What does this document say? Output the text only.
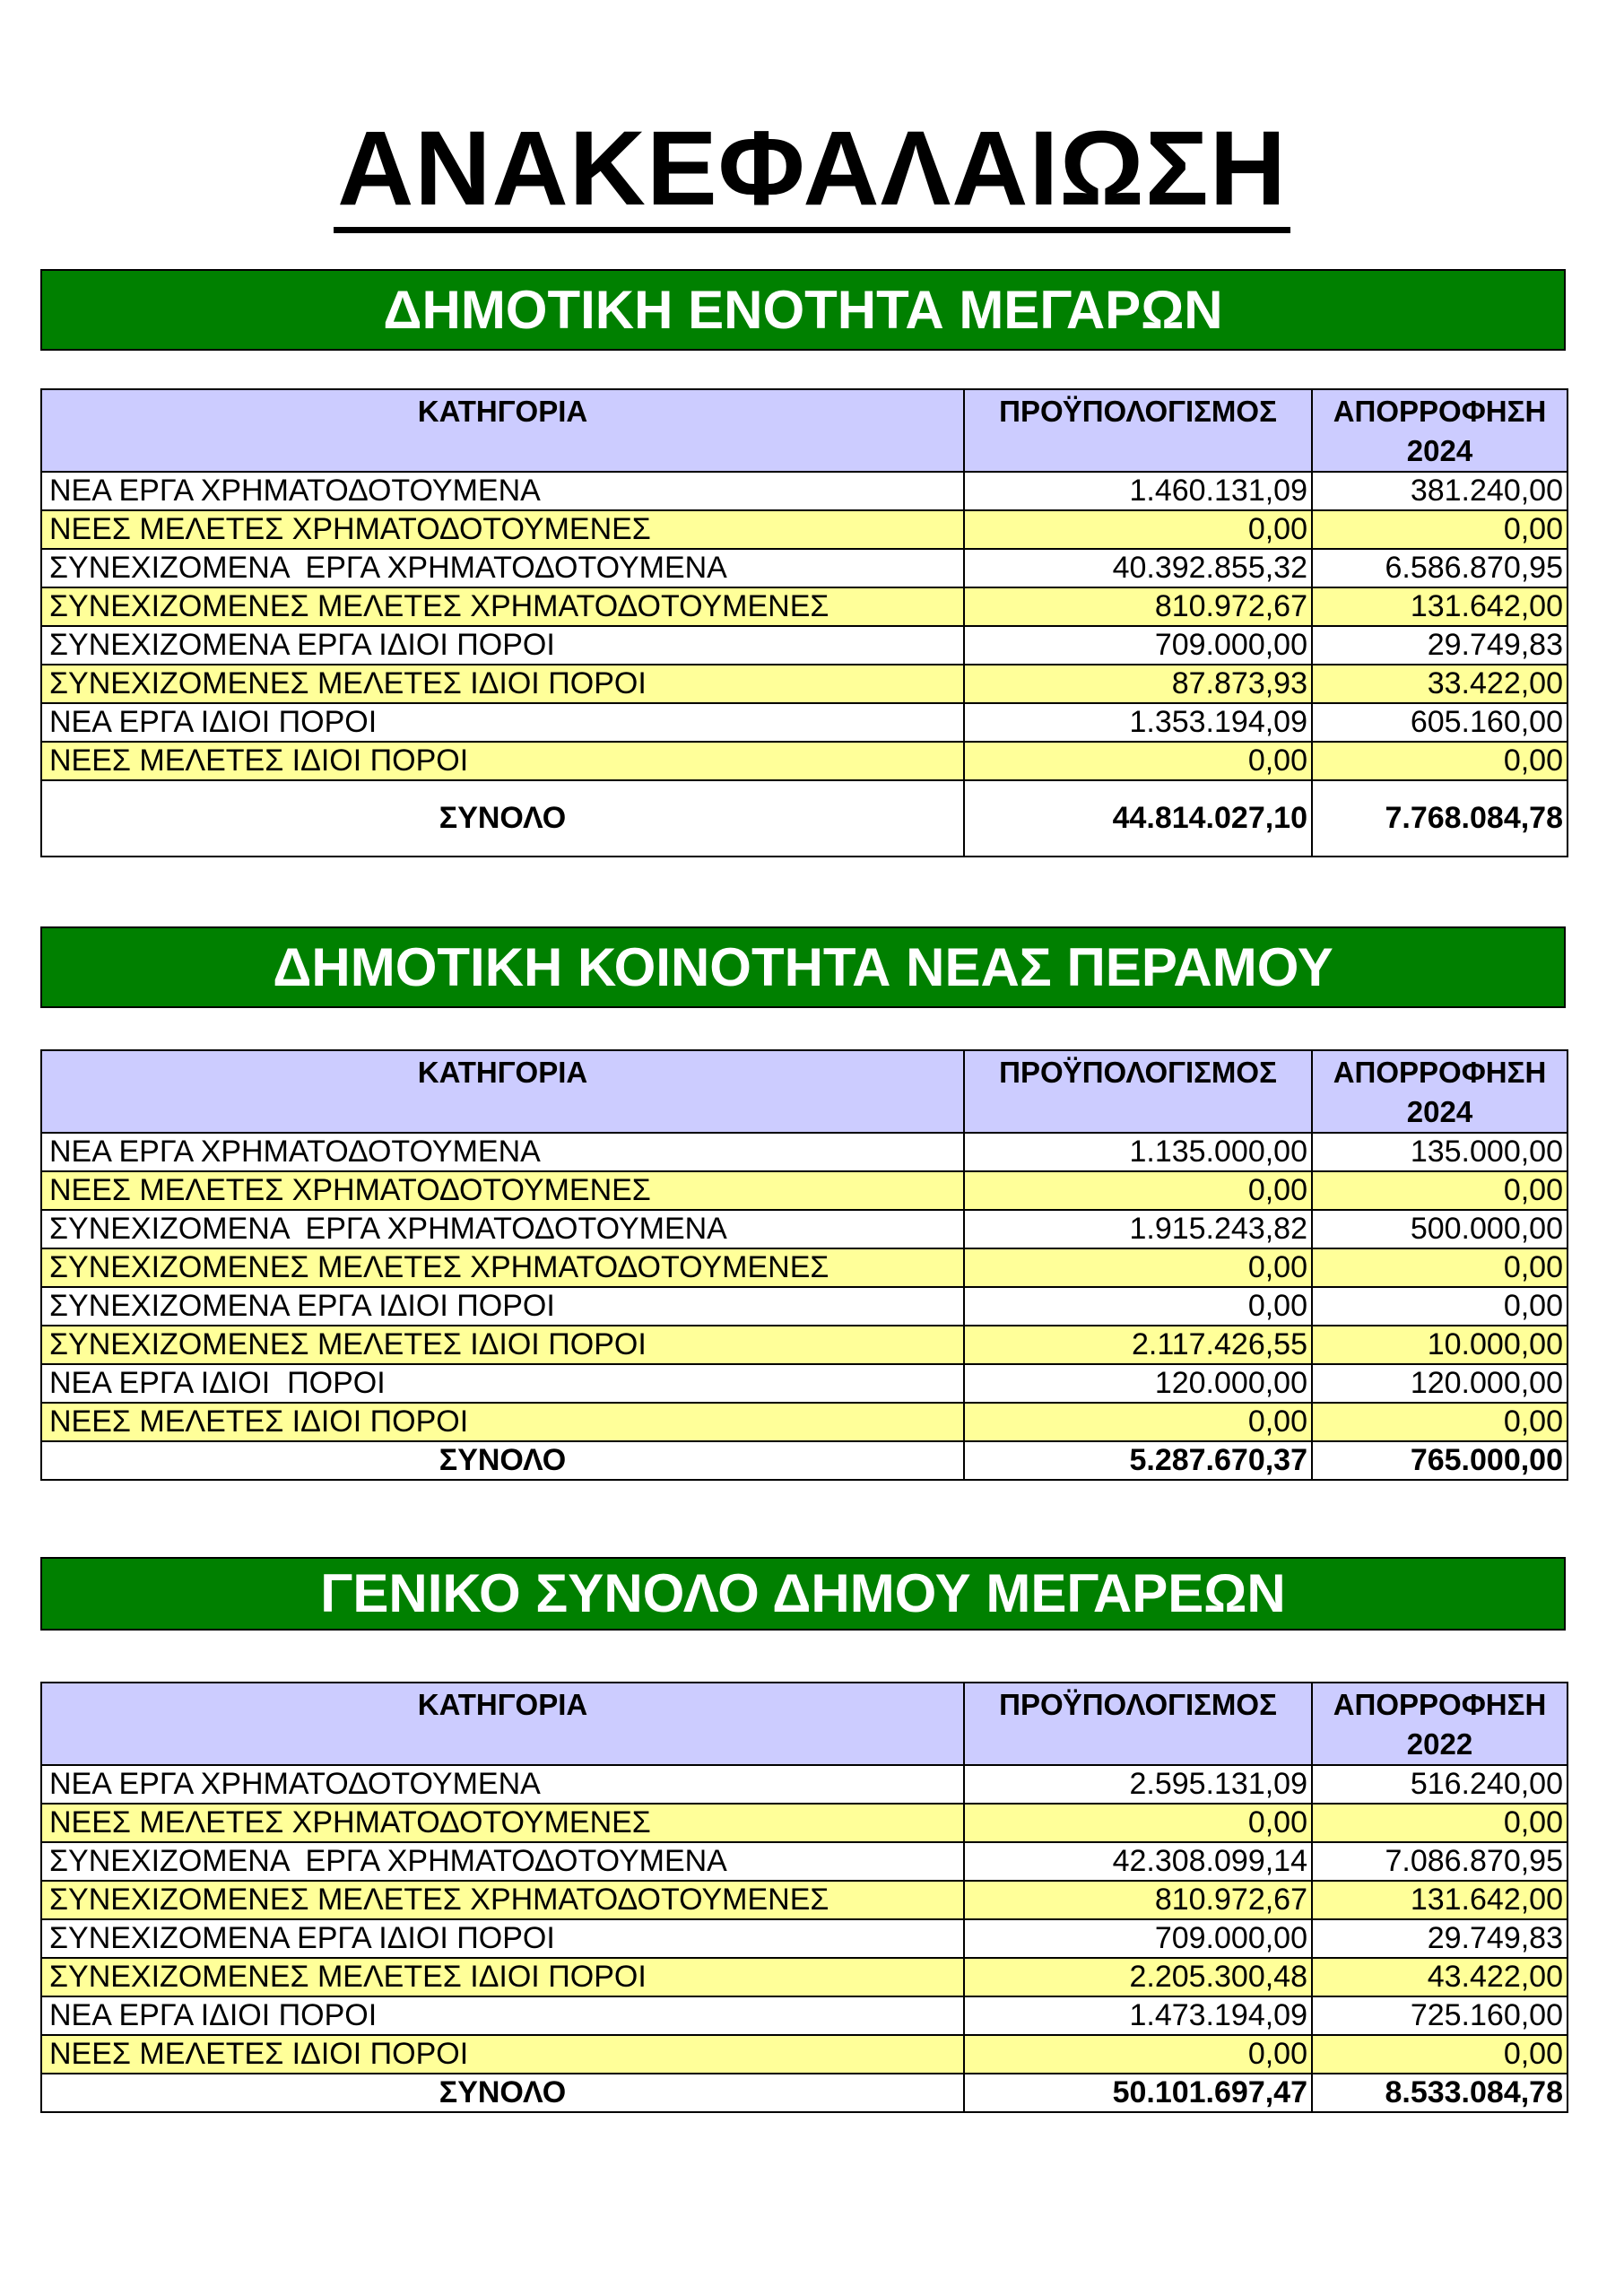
ΑΝΑΚΕΦΑΛΑΙΩΣΗ
ΔΗΜΟΤΙΚΗ ΕΝΟΤΗΤΑ ΜΕΓΑΡΩΝ
ΚΑΤΗΓΟΡΙΑ	ΠΡΟΫΠΟΛΟΓΙΣΜΟΣ	ΑΠΟΡΡΟΦΗΣΗ
2024
ΝΕΑ ΕΡΓΑ ΧΡΗΜΑΤΟΔΟΤΟΥΜΕΝΑ	1.460.131,09	381.240,00
ΝΕΕΣ ΜΕΛΕΤΕΣ ΧΡΗΜΑΤΟΔΟΤΟΥΜΕΝΕΣ	0,00	0,00
ΣΥΝΕΧΙΖΟΜΕΝΑ  ΕΡΓΑ ΧΡΗΜΑΤΟΔΟΤΟΥΜΕΝΑ	40.392.855,32	6.586.870,95
ΣΥΝΕΧΙΖΟΜΕΝΕΣ ΜΕΛΕΤΕΣ ΧΡΗΜΑΤΟΔΟΤΟΥΜΕΝΕΣ	810.972,67	131.642,00
ΣΥΝΕΧΙΖΟΜΕΝΑ ΕΡΓΑ ΙΔΙΟΙ ΠΟΡΟΙ	709.000,00	29.749,83
ΣΥΝΕΧΙΖΟΜΕΝΕΣ ΜΕΛΕΤΕΣ ΙΔΙΟΙ ΠΟΡΟΙ	87.873,93	33.422,00
ΝΕΑ ΕΡΓΑ ΙΔΙΟΙ ΠΟΡΟΙ	1.353.194,09	605.160,00
ΝΕΕΣ ΜΕΛΕΤΕΣ ΙΔΙΟΙ ΠΟΡΟΙ	0,00	0,00
ΣΥΝΟΛΟ	44.814.027,10	7.768.084,78
ΔΗΜΟΤΙΚΗ ΚΟΙΝΟΤΗΤΑ ΝΕΑΣ ΠΕΡΑΜΟΥ
ΚΑΤΗΓΟΡΙΑ	ΠΡΟΫΠΟΛΟΓΙΣΜΟΣ	ΑΠΟΡΡΟΦΗΣΗ
2024
ΝΕΑ ΕΡΓΑ ΧΡΗΜΑΤΟΔΟΤΟΥΜΕΝΑ	1.135.000,00	135.000,00
ΝΕΕΣ ΜΕΛΕΤΕΣ ΧΡΗΜΑΤΟΔΟΤΟΥΜΕΝΕΣ	0,00	0,00
ΣΥΝΕΧΙΖΟΜΕΝΑ  ΕΡΓΑ ΧΡΗΜΑΤΟΔΟΤΟΥΜΕΝΑ	1.915.243,82	500.000,00
ΣΥΝΕΧΙΖΟΜΕΝΕΣ ΜΕΛΕΤΕΣ ΧΡΗΜΑΤΟΔΟΤΟΥΜΕΝΕΣ	0,00	0,00
ΣΥΝΕΧΙΖΟΜΕΝΑ ΕΡΓΑ ΙΔΙΟΙ ΠΟΡΟΙ	0,00	0,00
ΣΥΝΕΧΙΖΟΜΕΝΕΣ ΜΕΛΕΤΕΣ ΙΔΙΟΙ ΠΟΡΟΙ	2.117.426,55	10.000,00
ΝΕΑ ΕΡΓΑ ΙΔΙΟΙ  ΠΟΡΟΙ	120.000,00	120.000,00
ΝΕΕΣ ΜΕΛΕΤΕΣ ΙΔΙΟΙ ΠΟΡΟΙ	0,00	0,00
ΣΥΝΟΛΟ	5.287.670,37	765.000,00
ΓΕΝΙΚΟ ΣΥΝΟΛΟ ΔΗΜΟΥ ΜΕΓΑΡΕΩΝ
ΚΑΤΗΓΟΡΙΑ	ΠΡΟΫΠΟΛΟΓΙΣΜΟΣ	ΑΠΟΡΡΟΦΗΣΗ
2022
ΝΕΑ ΕΡΓΑ ΧΡΗΜΑΤΟΔΟΤΟΥΜΕΝΑ	2.595.131,09	516.240,00
ΝΕΕΣ ΜΕΛΕΤΕΣ ΧΡΗΜΑΤΟΔΟΤΟΥΜΕΝΕΣ	0,00	0,00
ΣΥΝΕΧΙΖΟΜΕΝΑ  ΕΡΓΑ ΧΡΗΜΑΤΟΔΟΤΟΥΜΕΝΑ	42.308.099,14	7.086.870,95
ΣΥΝΕΧΙΖΟΜΕΝΕΣ ΜΕΛΕΤΕΣ ΧΡΗΜΑΤΟΔΟΤΟΥΜΕΝΕΣ	810.972,67	131.642,00
ΣΥΝΕΧΙΖΟΜΕΝΑ ΕΡΓΑ ΙΔΙΟΙ ΠΟΡΟΙ	709.000,00	29.749,83
ΣΥΝΕΧΙΖΟΜΕΝΕΣ ΜΕΛΕΤΕΣ ΙΔΙΟΙ ΠΟΡΟΙ	2.205.300,48	43.422,00
ΝΕΑ ΕΡΓΑ ΙΔΙΟΙ ΠΟΡΟΙ	1.473.194,09	725.160,00
ΝΕΕΣ ΜΕΛΕΤΕΣ ΙΔΙΟΙ ΠΟΡΟΙ	0,00	0,00
ΣΥΝΟΛΟ	50.101.697,47	8.533.084,78
